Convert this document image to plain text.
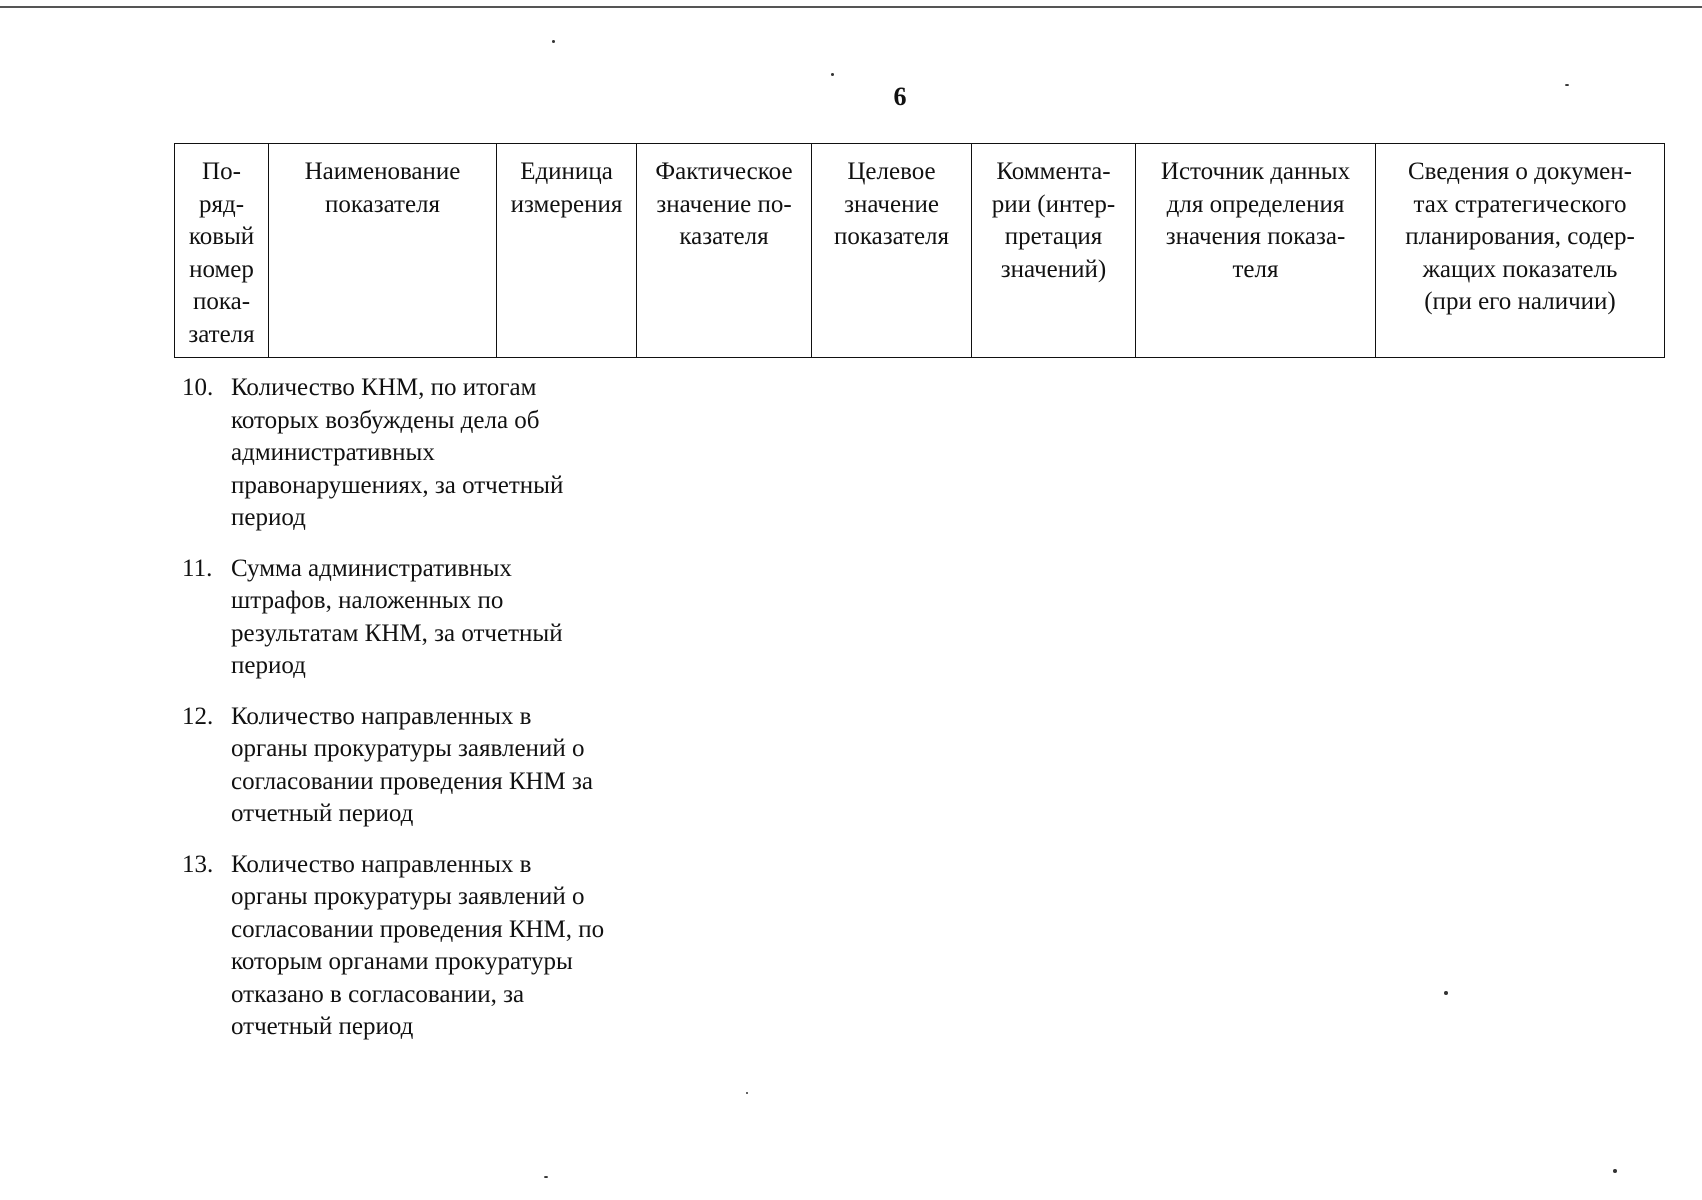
6
По-
ряд-
ковый
номер
пока-
зателя

Наименование
показателя

Единица
измерения

Фактическое
значение по-
казателя

Целевое
значение
показателя

Коммента-
рии (интер-
претация
значений)

Источник данных
для определения
значения показа-
теля

Сведения о докумен-
тах стратегического
планирования, содер-
жащих показатель
(при его наличии)
10. Количество КНМ, по итогам
которых возбуждены дела об
административных
правонарушениях, за отчетный
период
11. Сумма административных
штрафов, наложенных по
результатам КНМ, за отчетный
период
12. Количество направленных в
органы прокуратуры заявлений о
согласовании проведения КНМ за
отчетный период
13. Количество направленных в
органы прокуратуры заявлений о
согласовании проведения КНМ, по
которым органами прокуратуры
отказано в согласовании, за
отчетный период
